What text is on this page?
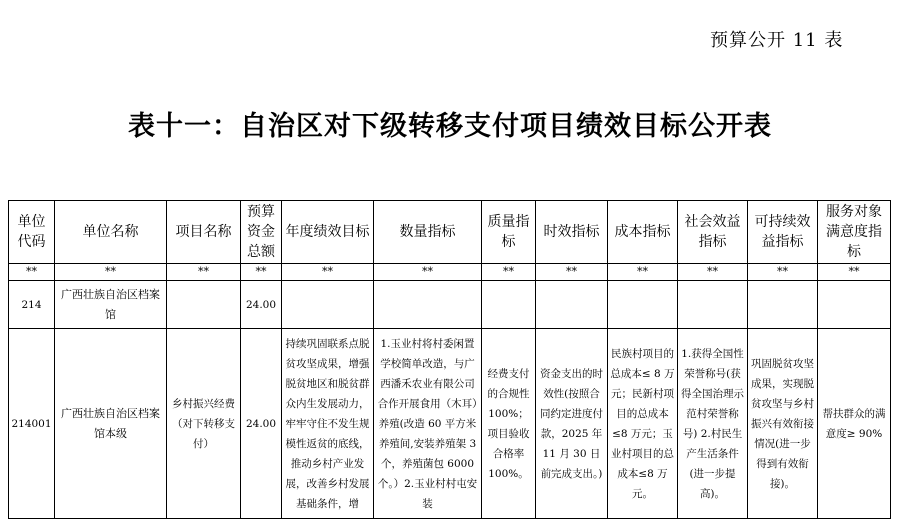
预算公开 11 表
表十一：自治区对下级转移支付项目绩效目标公开表
单位代码	单位名称	项目名称	预算资金总额	年度绩效目标	数量指标	质量指标	时效指标	成本指标	社会效益指标	可持续效益指标	服务对象满意度指标
**	**	**	**	**	**	**	**	**	**	**	**
214	广西壮族自治区档案馆		24.00								
214001	广西壮族自治区档案馆本级	乡村振兴经费（对下转移支付）	24.00	持续巩固联系点脱贫攻坚成果，增强脱贫地区和脱贫群众内生发展动力，牢牢守住不发生规模性返贫的底线，推动乡村产业发展，改善乡村发展基础条件，增	1.玉业村将村委闲置学校简单改造，与广西潘禾农业有限公司 合作开展食用（木耳）养殖(改造 60 平方米养殖间,安装养殖架 3 个，养殖菌包 6000 个。）2.玉业村村屯安装	经费支付的合规性 100%；项目验收合格率 100%。	资金支出的时效性(按照合同约定进度付款，2025 年 11 月 30 日前完成支出。)	民族村项目的总成本≤ 8 万元；民新村项目的总成本≤8 万元；玉业村项目的总成本≤8 万元。	1.获得全国性荣誉称号(获得全国治理示范村荣誉称号) 2.村民生产生活条件(进一步提高)。	巩固脱贫攻坚成果，实现脱贫攻坚与乡村振兴有效衔接情况(进一步得到有效衔接)。	帮扶群众的满意度≥ 90%
